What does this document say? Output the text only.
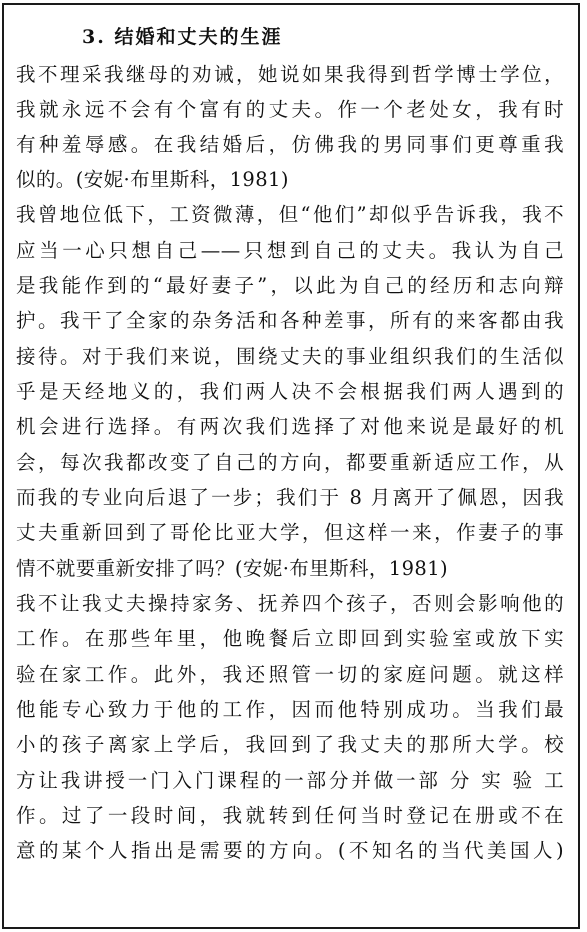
3. 结婚和丈夫的生涯
我不理采我继母的劝诫，她说如果我得到哲学博士学位，
我就永远不会有个富有的丈夫。作一个老处女，我有时
有种羞辱感。在我结婚后，仿佛我的男同事们更尊重我
似的。(安妮·布里斯科，1981)
我曾地位低下，工资微薄，但“他们”却似乎告诉我，我不
应当一心只想自己——只想到自己的丈夫。我认为自己
是我能作到的“最好妻子”，以此为自己的经历和志向辩
护。我干了全家的杂务活和各种差事，所有的来客都由我
接待。对于我们来说，围绕丈夫的事业组织我们的生活似
乎是天经地义的，我们两人决不会根据我们两人遇到的
机会进行选择。有两次我们选择了对他来说是最好的机
会，每次我都改变了自己的方向，都要重新适应工作，从
而我的专业向后退了一步；我们于 8 月离开了佩恩，因我
丈夫重新回到了哥伦比亚大学，但这样一来，作妻子的事
情不就要重新安排了吗？(安妮·布里斯科，1981)
我不让我丈夫操持家务、抚养四个孩子，否则会影响他的
工作。在那些年里，他晚餐后立即回到实验室或放下实
验在家工作。此外，我还照管一切的家庭问题。就这样
他能专心致力于他的工作，因而他特别成功。当我们最
小的孩子离家上学后，我回到了我丈夫的那所大学。校
方让我讲授一门入门课程的一部分并做一部 分 实 验 工
作。过了一段时间，我就转到任何当时登记在册或不在
意的某个人指出是需要的方向。(不知名的当代美国人)
